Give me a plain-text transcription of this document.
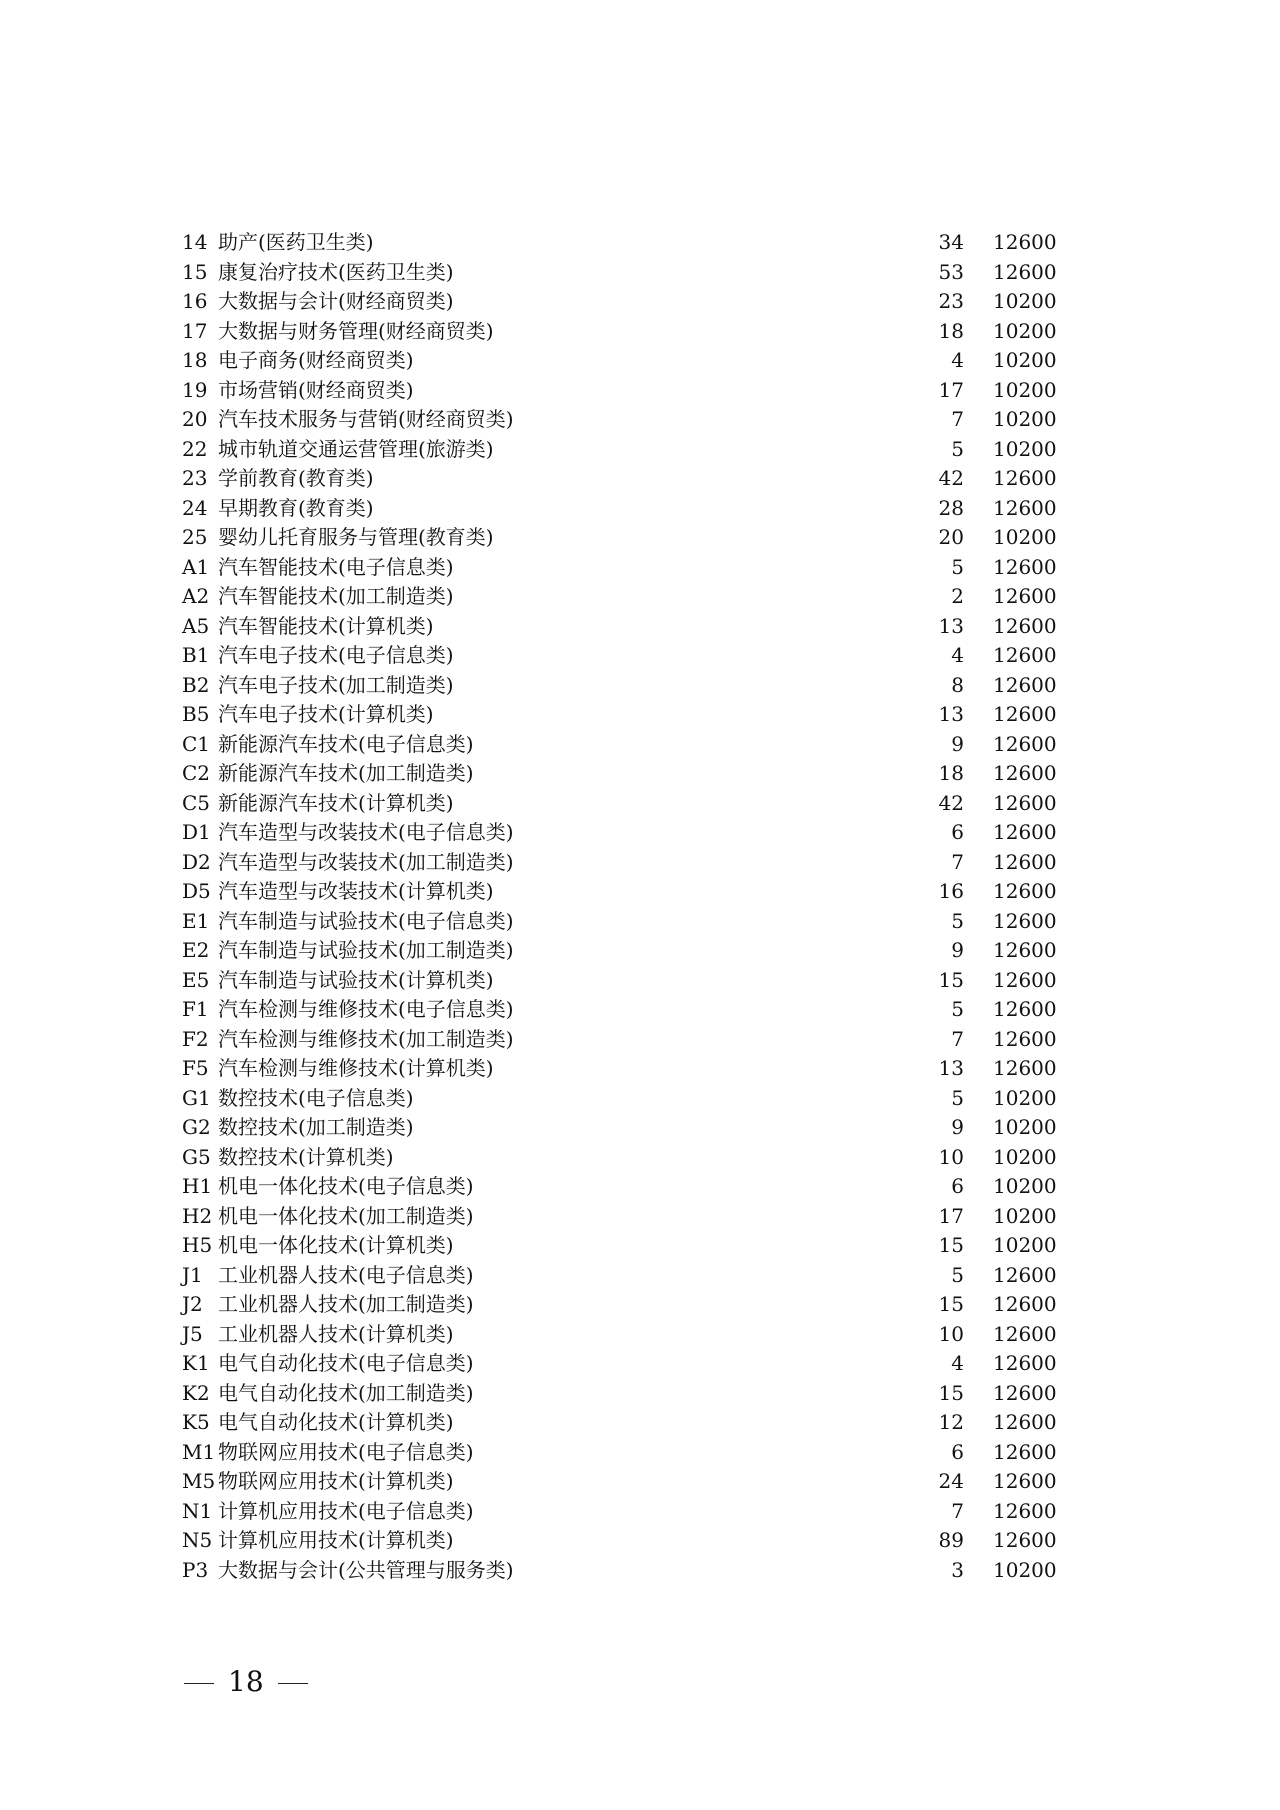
14 助产(医药卫生类)	34 12600
15 康复治疗技术(医药卫生类)	53 12600
16 大数据与会计(财经商贸类)	23 10200
17 大数据与财务管理(财经商贸类)	18 10200
18 电子商务(财经商贸类)	4 10200
19 市场营销(财经商贸类)	17 10200
20 汽车技术服务与营销(财经商贸类)	7 10200
22 城市轨道交通运营管理(旅游类)	5 10200
23 学前教育(教育类)	42 12600
24 早期教育(教育类)	28 12600
25 婴幼儿托育服务与管理(教育类)	20 10200
A1 汽车智能技术(电子信息类)	5 12600
A2 汽车智能技术(加工制造类)	2 12600
A5 汽车智能技术(计算机类)	13 12600
B1 汽车电子技术(电子信息类)	4 12600
B2 汽车电子技术(加工制造类)	8 12600
B5 汽车电子技术(计算机类)	13 12600
C1 新能源汽车技术(电子信息类)	9 12600
C2 新能源汽车技术(加工制造类)	18 12600
C5 新能源汽车技术(计算机类)	42 12600
D1 汽车造型与改装技术(电子信息类)	6 12600
D2 汽车造型与改装技术(加工制造类)	7 12600
D5 汽车造型与改装技术(计算机类)	16 12600
E1 汽车制造与试验技术(电子信息类)	5 12600
E2 汽车制造与试验技术(加工制造类)	9 12600
E5 汽车制造与试验技术(计算机类)	15 12600
F1 汽车检测与维修技术(电子信息类)	5 12600
F2 汽车检测与维修技术(加工制造类)	7 12600
F5 汽车检测与维修技术(计算机类)	13 12600
G1 数控技术(电子信息类)	5 10200
G2 数控技术(加工制造类)	9 10200
G5 数控技术(计算机类)	10 10200
H1 机电一体化技术(电子信息类)	6 10200
H2 机电一体化技术(加工制造类)	17 10200
H5 机电一体化技术(计算机类)	15 10200
J1 工业机器人技术(电子信息类)	5 12600
J2 工业机器人技术(加工制造类)	15 12600
J5 工业机器人技术(计算机类)	10 12600
K1 电气自动化技术(电子信息类)	4 12600
K2 电气自动化技术(加工制造类)	15 12600
K5 电气自动化技术(计算机类)	12 12600
M1 物联网应用技术(电子信息类)	6 12600
M5 物联网应用技术(计算机类)	24 12600
N1 计算机应用技术(电子信息类)	7 12600
N5 计算机应用技术(计算机类)	89 12600
P3 大数据与会计(公共管理与服务类)	3 10200
18
